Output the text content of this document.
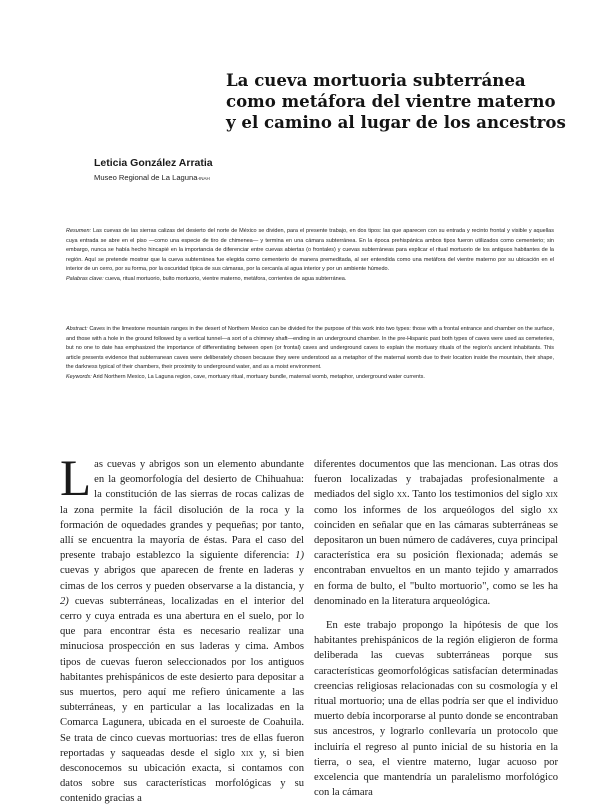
La cueva mortuoria subterránea
como metáfora del vientre materno
y el camino al lugar de los ancestros
Leticia González Arratia
Museo Regional de La Laguna-INAH

Resumen: Las cuevas de las sierras calizas del desierto del norte de México se dividen, para el presente trabajo, en dos tipos: las que aparecen con su entrada y recinto frontal y visible y aquellas cuya entrada se abre en el piso —como una especie de tiro de chimenea— y termina en una cámara subterránea. En la época prehispánica ambos tipos fueron utilizados como cementerio; sin embargo, nunca se había hecho hincapié en la importancia de diferenciar entre cuevas abiertas (o frontales) y cuevas subterráneas para explicar el ritual mortuorio de los antiguos habitantes de la región. Aquí se pretende mostrar que la cueva subterránea fue elegida como cementerio de manera premeditada, al ser entendida como una metáfora del vientre materno por su ubicación en el interior de un cerro, por su forma, por la oscuridad típica de sus cámaras, por la cercanía al agua interior y por un ambiente húmedo.

Palabras clave: cueva, ritual mortuorio, bulto mortuorio, vientre materno, metáfora, corrientes de agua subterránea.

Abstract: Caves in the limestone mountain ranges in the desert of Northern Mexico can be divided for the purpose of this work into two types: those with a frontal entrance and chamber on the surface, and those with a hole in the ground followed by a vertical tunnel—a sort of a chimney shaft—ending in an underground chamber. In the pre-Hispanic past both types of caves were used as cemeteries, but no one to date has emphasized the importance of differentiating between open (or frontal) caves and underground caves to explain the mortuary rituals of the region's ancient inhabitants. This article presents evidence that subterranean caves were deliberately chosen because they were understood as a metaphor of the maternal womb due to their location inside the mountain, their shape, the darkness typical of their chambers, their proximity to underground water, and as a moist environment.

Keywords: Arid Northern Mexico, La Laguna region, cave, mortuary ritual, mortuary bundle, maternal womb, metaphor, underground water currents.

Las cuevas y abrigos son un elemento abundante en la geomorfología del desierto de Chihuahua: la constitución de las sierras de rocas calizas de la zona permite la fácil disolución de la roca y la formación de oquedades grandes y pequeñas; por tanto, allí se encuentra la mayoría de éstas. Para el caso del presente trabajo establezco la siguiente diferencia: 1) cuevas y abrigos que aparecen de frente en laderas y cimas de los cerros y pueden observarse a la distancia, y 2) cuevas subterráneas, localizadas en el interior del cerro y cuya entrada es una abertura en el suelo, por lo que para encontrar ésta es necesario realizar una minuciosa prospección en sus laderas y cima. Ambos tipos de cuevas fueron seleccionados por los antiguos habitantes prehispánicos de este desierto para depositar a sus muertos, pero aquí me refiero únicamente a las subterráneas, y en particular a las localizadas en la Comarca Lagunera, ubicada en el suroeste de Coahuila. Se trata de cinco cuevas mortuorias: tres de ellas fueron reportadas y saqueadas desde el siglo xix y, si bien desconocemos su ubicación exacta, si contamos con datos sobre sus características morfológicas y su contenido gracias a

diferentes documentos que las mencionan. Las otras dos fueron localizadas y trabajadas profesionalmente a mediados del siglo xx. Tanto los testimonios del siglo xix como los informes de los arqueólogos del siglo xx coinciden en señalar que en las cámaras subterráneas se depositaron un buen número de cadáveres, cuya principal característica era su posición flexionada; además se encontraban envueltos en un manto tejido y amarrados en forma de bulto, el "bulto mortuorio", como se les ha denominado en la literatura arqueológica.

En este trabajo propongo la hipótesis de que los habitantes prehispánicos de la región eligieron de forma deliberada las cuevas subterráneas porque sus características geomorfológicas satisfacían determinadas creencias religiosas relacionadas con su cosmología y el ritual mortuorio; una de ellas podría ser que el individuo muerto debía incorporarse al punto donde se encontraban sus ancestros, y lograrlo conllevaría un protocolo que incluiría el regreso al punto inicial de su historia en la tierra, o sea, el vientre materno, lugar acuoso por excelencia que mantendría un paralelismo morfológico con la cámara
